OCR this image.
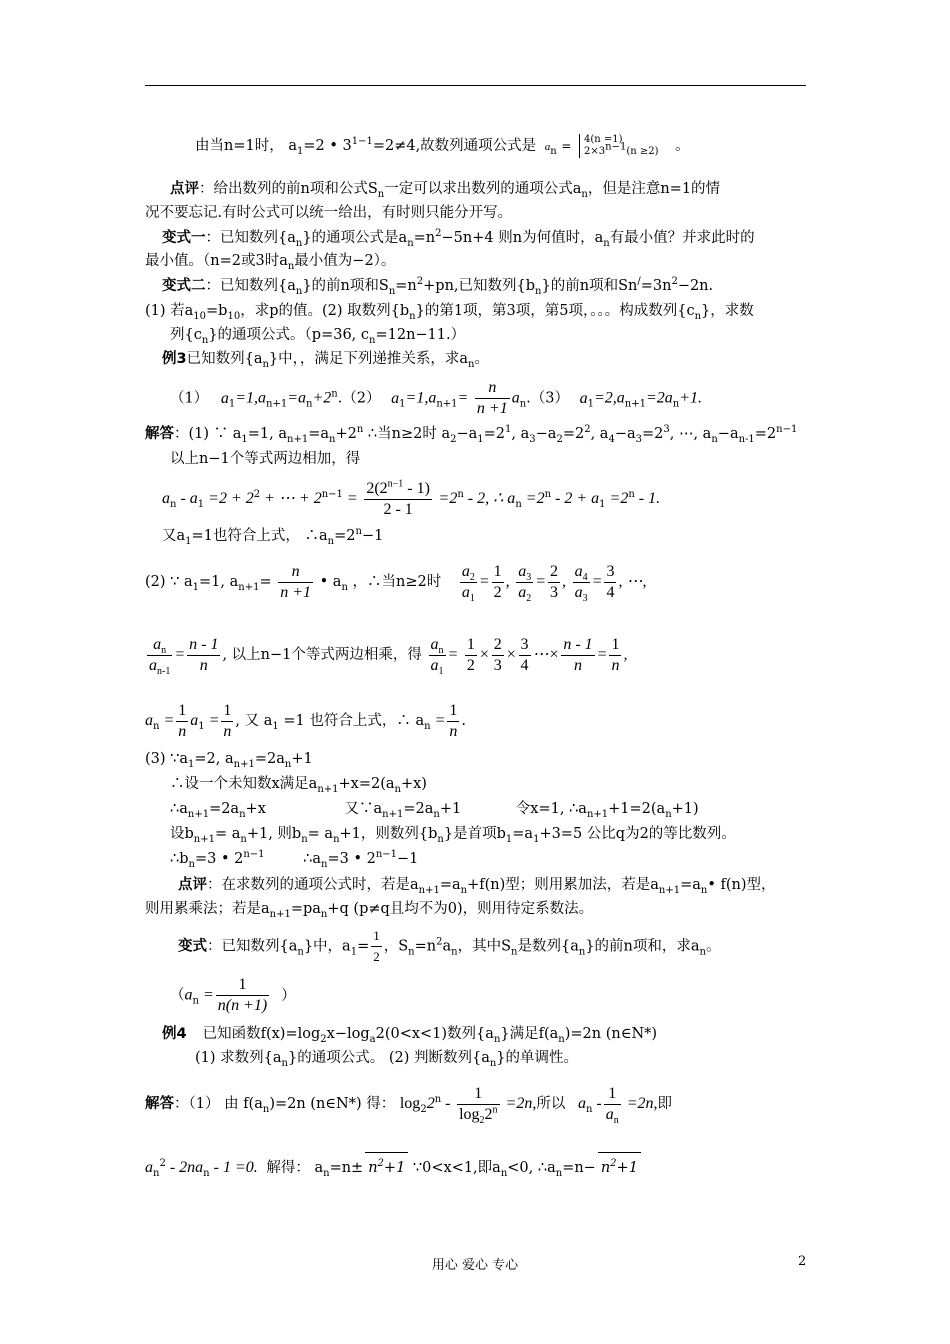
由当n=1时， $a_1=2$ • $3^{1-1}=2\ne 4$,故数列通项公式是 $a_n = 4(n =1)$
$2\times 3^{n-1}(n \ge 2)$ 。
点评：给出数列的前n项和公式$S_n$一定可以求出数列的通项公式$a_n$，但是注意n=1的情
况不要忘记.有时公式可以统一给出，有时则只能分开写。
变式一：已知数列$\{a_n\}$的通项公式是$a_n=n^2-5n+4$ 则n为何值时，$a_n$有最小值？并求此时的
最小值。（n=2或3时$a_n$最小值为−2）。
变式二：已知数列$\{a_n\}$的前n项和$S_n=n^2+pn$,已知数列$\{b_n\}$的前n项和$Sn^/=3n^2-2n$.
(1) 若$a_{10}=b_{10}$，求p的值。(2) 取数列$\{b_n\}$的第1项，第3项，第5项，。。。构成数列$\{c_n\}$，求数
列$\{c_n\}$的通项公式。（p=36, $c_n=12n-11$.）
例3已知数列$\{a_n\}$中，，满足下列递推关系，求$a_n$。
（1） $a_1=1,a_{n+1}=a_n+2^n.(2)$ $a_1=1,a_{n+1}= \frac{n}{n +1} a_n.(3)$ $a_1=2,a_{n+1}=2a_n+1$.
解答：(1) ∵ $a_1=1$, $a_{n+1}=a_n+2^n$ ∴当n≥2时 $a_2-a_1=2^1$, $a_3-a_2=2^2$, $a_4-a_3=2^3$, ⋯, $a_n-a_{n-1}=2^{n-1}$
以上n−1个等式两边相加，得
$a_n - a_1 =2 + 2^2$ + ⋯ + $2^{n-1} = \frac{2(2^{n-1} - 1)}{2 - 1} =2^n - 2$, ∴ $a_n =2^n - 2 + a_1 =2^n - 1$.
又$a_1=1$也符合上式， $\therefore a_n=2^n-1$
(2) ∵ $a_1=1$, $a_{n+1}= \frac{n}{n +1}$ • $a_n$ ，∴当n≥2时 $\frac{a_2}{a_1} = \frac{1}{2}$ , $\frac{a_3}{a_2} = \frac{2}{3}$ , $\frac{a_4}{a_3} = \frac{3}{4}$ , ⋯,
$\frac{a_n}{a_{n-1}} = \frac{n - 1}{n}$ , 以上n−1个等式两边相乘，得 $\frac{a_n}{a_1} = \frac{1}{2} \times \frac{2}{3} \times \frac{3}{4}$ ⋯× $\frac{n - 1}{n} = \frac{1}{n}$ ,
$a_n = \frac{1}{n} a_1 = \frac{1}{n}$ , 又 $a_1 =1$ 也符合上式，∴ $a_n = \frac{1}{n}$ .
(3) $\because a_1=2$, $a_{n+1}=2a_n+1$
∴设一个未知数x满足$a_{n+1}+x=2(a_n+x)$
$\therefore a_{n+1}=2a_n+x$	又$\because a_{n+1}=2a_n+1$	令x=1, $\therefore a_{n+1}+1=2(a_n+1)$
设$b_{n+1}= a_n+1$, 则$b_n= a_n+1$，则数列$\{b_n\}$是首项$b_1=a_1+3=5$ 公比q为2的等比数列。
$\therefore b_n=3$ • $2^{n-1}$	$\therefore a_n=3$ • $2^{n-1}-1$
点评：在求数列的通项公式时，若是$a_{n+1}=a_n+f(n)$型；则用累加法，若是$a_{n+1}=a_n•$ f(n)型，
则用累乘法；若是$a_{n+1}=pa_n+q$ (p≠q且均不为0)，则用待定系数法。
变式：已知数列$\{a_n\}$中，$a_1= \frac{1}{2}$ ，$S_n=n^2a_n$，其中$S_n$是数列$\{a_n\}$的前n项和，求$a_n$。
（$a_n = \frac{1}{n(n +1)}$ ）
例4 已知函数$f(x)=\log_2x-\log_a2(0<x<1)$数列$\{a_n\}$满足$f(a_n)=2n$ (n∈N*)
(1) 求数列$\{a_n\}$的通项公式。 (2) 判断数列$\{a_n\}$的单调性。
解答：（1） 由 $f(a_n)=2n$ (n∈N*) 得： $\log_22^n - \frac{1}{\log_22^n} =2n$,所以 $a_n - \frac{1}{a_n} =2n$,即
$a_n^2 - 2na_n - 1 =0$. 解得： $a_n=n\pm n^2+1$ ∵0<x<1,即$a_n<0$, $\therefore a_n=n- n^2+1$
用心 爱心 专心	2
